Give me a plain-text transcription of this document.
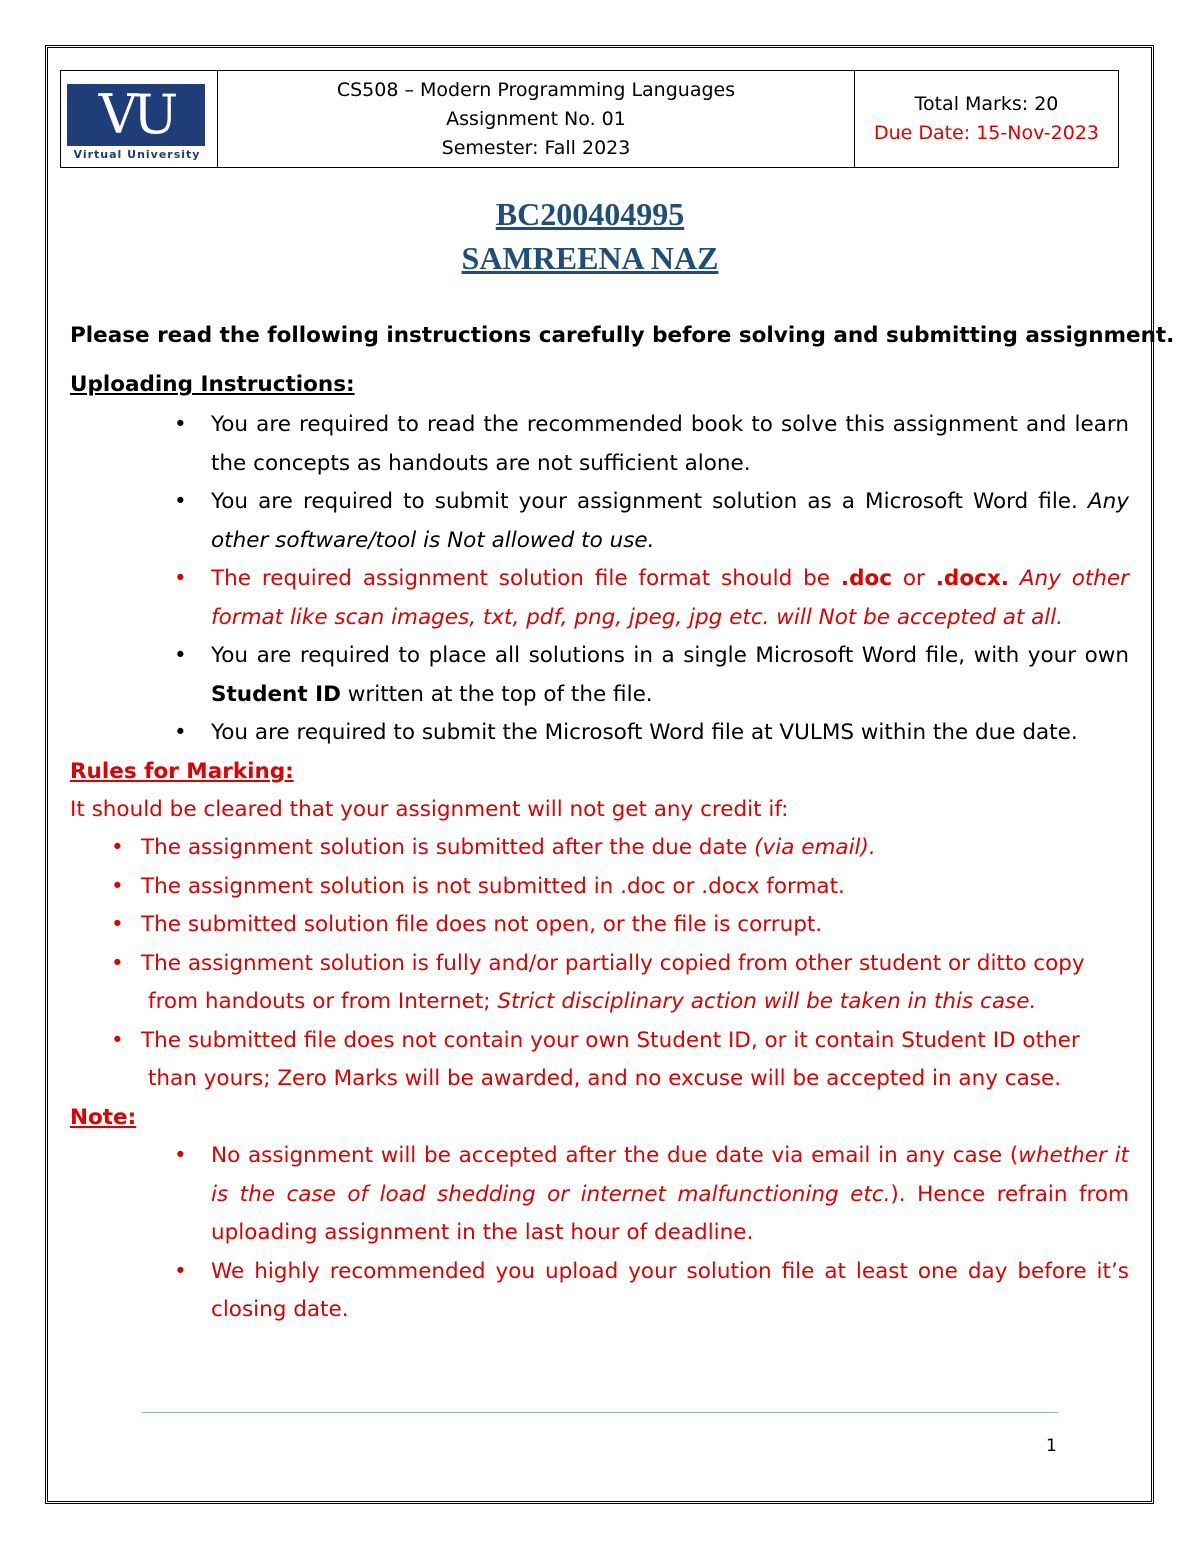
VU
Virtual University

CS508 – Modern Programming Languages
Assignment No. 01
Semester: Fall 2023

Total Marks: 20
Due Date: 15-Nov-2023
BC200404995
SAMREENA NAZ
Please read the following instructions carefully before solving and submitting assignment.
Uploading Instructions:
• You are required to read the recommended book to solve this assignment and learn the concepts as handouts are not sufficient alone.
• You are required to submit your assignment solution as a Microsoft Word file. Any other software/tool is Not allowed to use.
• The required assignment solution file format should be .doc or .docx. Any other format like scan images, txt, pdf, png, jpeg, jpg etc. will Not be accepted at all.
• You are required to place all solutions in a single Microsoft Word file, with your own Student ID written at the top of the file.
• You are required to submit the Microsoft Word file at VULMS within the due date.
Rules for Marking:
It should be cleared that your assignment will not get any credit if:
• The assignment solution is submitted after the due date (via email).
• The assignment solution is not submitted in .doc or .docx format.
• The submitted solution file does not open, or the file is corrupt.
• The assignment solution is fully and/or partially copied from other student or ditto copy
from handouts or from Internet; Strict disciplinary action will be taken in this case.
• The submitted file does not contain your own Student ID, or it contain Student ID other
than yours; Zero Marks will be awarded, and no excuse will be accepted in any case.
Note:
• No assignment will be accepted after the due date via email in any case (whether it is the case of load shedding or internet malfunctioning etc.). Hence refrain from uploading assignment in the last hour of deadline.
• We highly recommended you upload your solution file at least one day before it’s closing date.
1
